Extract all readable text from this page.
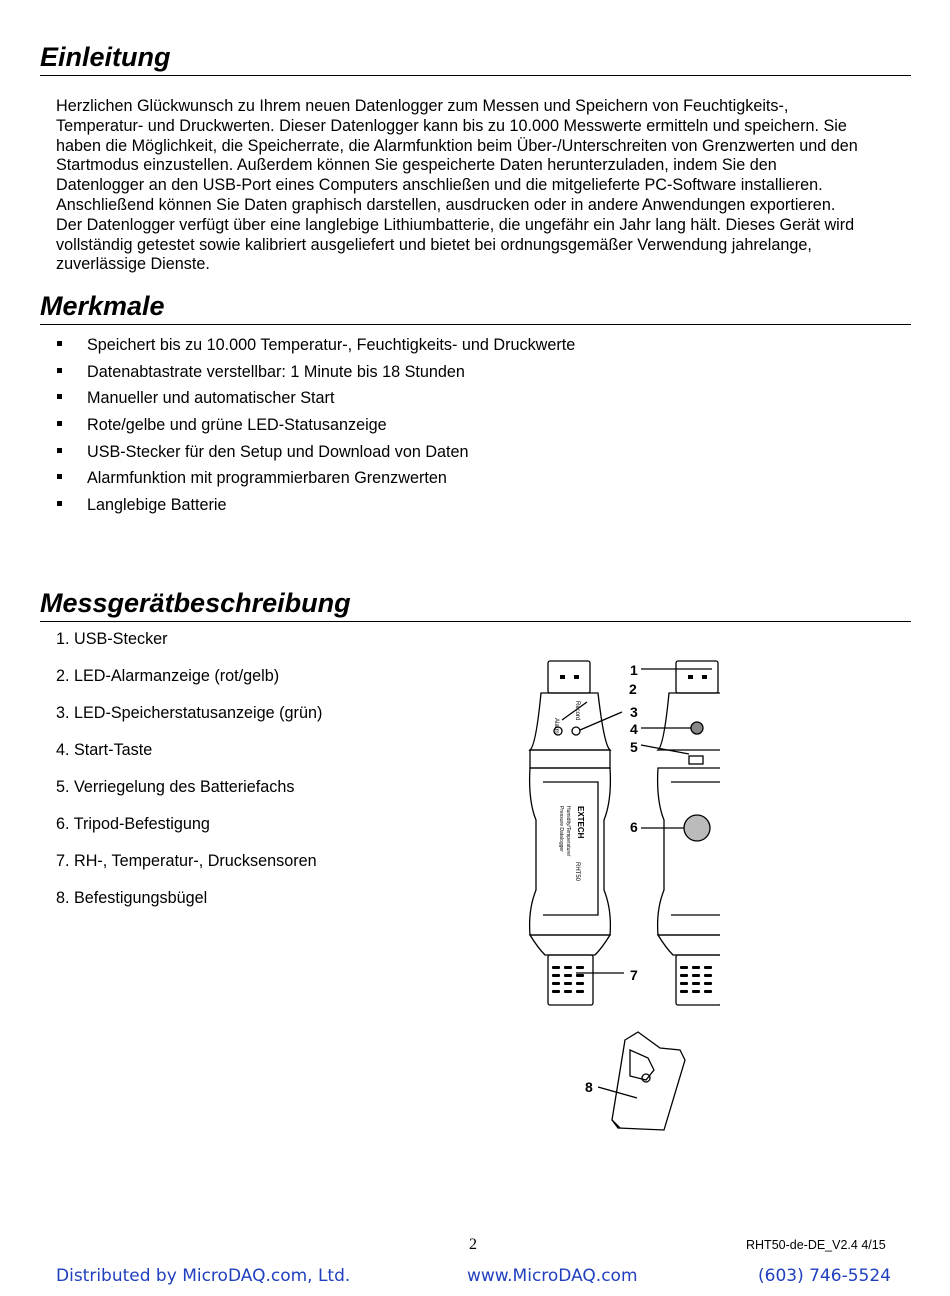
Einleitung
Herzlichen Glückwunsch zu Ihrem neuen Datenlogger zum Messen und Speichern von Feuchtigkeits-,
Temperatur- und Druckwerten. Dieser Datenlogger kann bis zu 10.000 Messwerte ermitteln und speichern. Sie
haben die Möglichkeit, die Speicherrate, die Alarmfunktion beim Über-/Unterschreiten von Grenzwerten und den
Startmodus einzustellen. Außerdem können Sie gespeicherte Daten herunterzuladen, indem Sie den
Datenlogger an den USB-Port eines Computers anschließen und die mitgelieferte PC-Software installieren.
Anschließend können Sie Daten graphisch darstellen, ausdrucken oder in andere Anwendungen exportieren.
Der Datenlogger verfügt über eine langlebige Lithiumbatterie, die ungefähr ein Jahr lang hält. Dieses Gerät wird
vollständig getestet sowie kalibriert ausgeliefert und bietet bei ordnungsgemäßer Verwendung jahrelange,
zuverlässige Dienste.
Merkmale
Speichert bis zu 10.000 Temperatur-, Feuchtigkeits- und Druckwerte
Datenabtastrate verstellbar: 1 Minute bis 18 Stunden
Manueller und automatischer Start
Rote/gelbe und grüne LED-Statusanzeige
USB-Stecker für den Setup und Download von Daten
Alarmfunktion mit programmierbaren Grenzwerten
Langlebige Batterie
Messgerätbeschreibung
1. USB-Stecker
2. LED-Alarmanzeige (rot/gelb)
3. LED-Speicherstatusanzeige (grün)
4. Start-Taste
5. Verriegelung des Batteriefachs
6. Tripod-Befestigung
7. RH-, Temperatur-, Drucksensoren
8. Befestigungsbügel
Alarm
Record
EXTECH
Humidity/Temperature/
Pressure Datalogger
RHT50
1
2
3
4
5
6
7
8
2	RHT50-de-DE_V2.4 4/15
Distributed by MicroDAQ.com, Ltd.	www.MicroDAQ.com	(603) 746-5524
